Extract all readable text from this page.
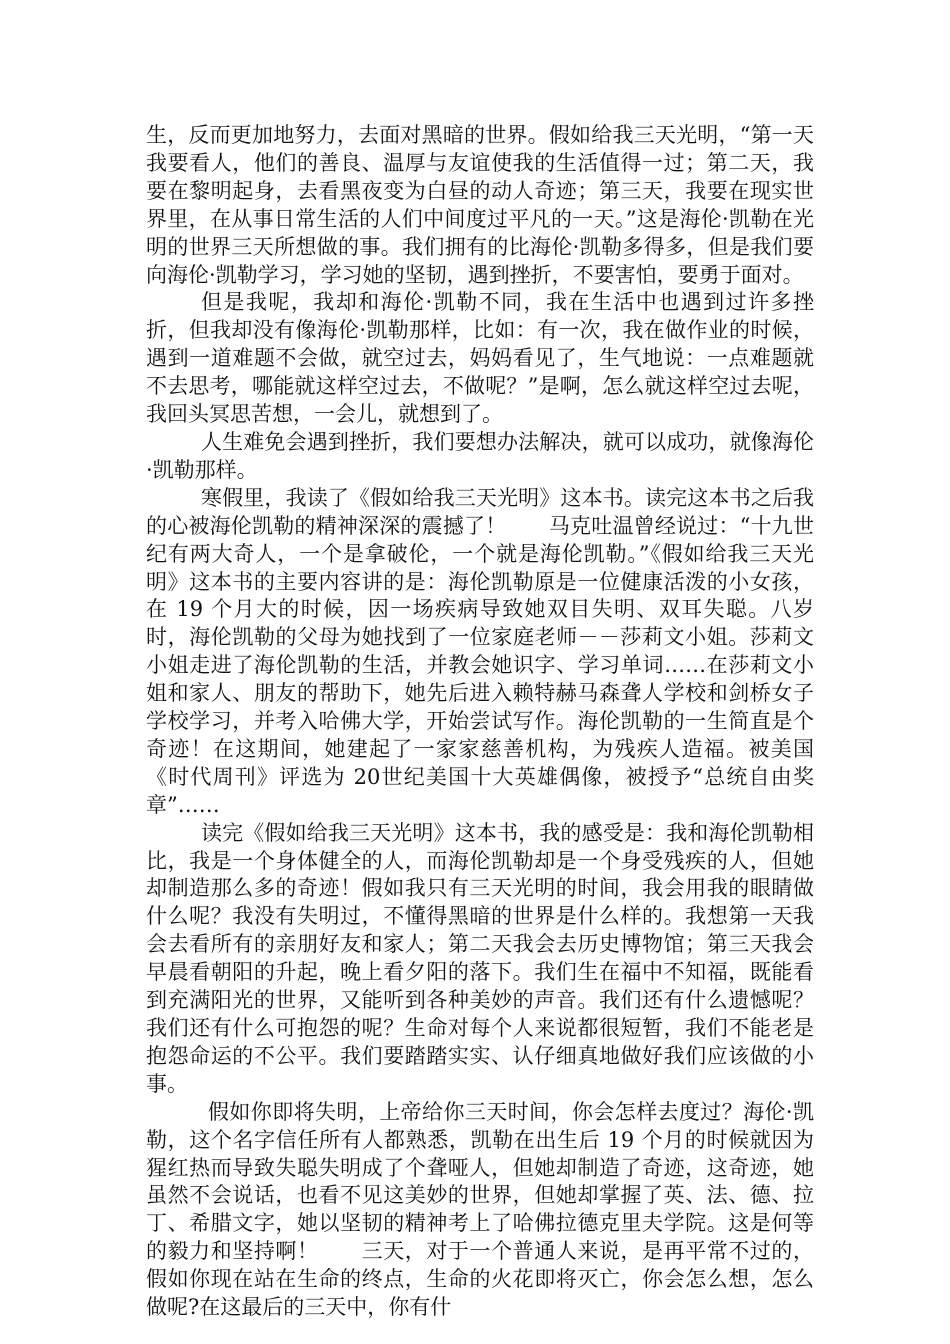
生，反而更加地努力，去面对黑暗的世界。假如给我三天光明，“第一天我要看人，他们的善良、温厚与友谊使我的生活值得一过；第二天，我要在黎明起身，去看黑夜变为白昼的动人奇迹；第三天，我要在现实世界里，在从事日常生活的人们中间度过平凡的一天。”这是海伦·凯勒在光明的世界三天所想做的事。我们拥有的比海伦·凯勒多得多，但是我们要向海伦·凯勒学习，学习她的坚韧，遇到挫折，不要害怕，要勇于面对。

但是我呢，我却和海伦·凯勒不同，我在生活中也遇到过许多挫折，但我却没有像海伦·凯勒那样，比如：有一次，我在做作业的时候，遇到一道难题不会做，就空过去，妈妈看见了，生气地说：一点难题就不去思考，哪能就这样空过去，不做呢？”是啊，怎么就这样空过去呢，我回头冥思苦想，一会儿，就想到了。

人生难免会遇到挫折，我们要想办法解决，就可以成功，就像海伦·凯勒那样。

寒假里，我读了《假如给我三天光明》这本书。读完这本书之后我的心被海伦凯勒的精神深深的震撼了！　　马克吐温曾经说过：“十九世纪有两大奇人，一个是拿破伦，一个就是海伦凯勒。”《假如给我三天光明》这本书的主要内容讲的是：海伦凯勒原是一位健康活泼的小女孩，在 19 个月大的时候，因一场疾病导致她双目失明、双耳失聪。八岁时，海伦凯勒的父母为她找到了一位家庭老师－－莎莉文小姐。莎莉文小姐走进了海伦凯勒的生活，并教会她识字、学习单词……在莎莉文小姐和家人、朋友的帮助下，她先后进入赖特赫马森聋人学校和剑桥女子学校学习，并考入哈佛大学，开始尝试写作。海伦凯勒的一生简直是个奇迹！在这期间，她建起了一家家慈善机构，为残疾人造福。被美国《时代周刊》评选为 20世纪美国十大英雄偶像，被授予“总统自由奖章”……

读完《假如给我三天光明》这本书，我的感受是：我和海伦凯勒相比，我是一个身体健全的人，而海伦凯勒却是一个身受残疾的人，但她却制造那么多的奇迹！假如我只有三天光明的时间，我会用我的眼睛做什么呢？我没有失明过，不懂得黑暗的世界是什么样的。我想第一天我会去看所有的亲朋好友和家人；第二天我会去历史博物馆；第三天我会早晨看朝阳的升起，晚上看夕阳的落下。我们生在福中不知福，既能看到充满阳光的世界，又能听到各种美妙的声音。我们还有什么遗憾呢？我们还有什么可抱怨的呢？生命对每个人来说都很短暂，我们不能老是抱怨命运的不公平。我们要踏踏实实、认仔细真地做好我们应该做的小事。

假如你即将失明，上帝给你三天时间，你会怎样去度过？海伦·凯勒，这个名字信任所有人都熟悉，凯勒在出生后 19 个月的时候就因为猩红热而导致失聪失明成了个聋哑人，但她却制造了奇迹，这奇迹，她虽然不会说话，也看不见这美妙的世界，但她却掌握了英、法、德、拉丁、希腊文字，她以坚韧的精神考上了哈佛拉德克里夫学院。这是何等的毅力和坚持啊！　　三天，对于一个普通人来说，是再平常不过的，假如你现在站在生命的终点，生命的火花即将灭亡，你会怎么想，怎么做呢?在这最后的三天中，你有什
